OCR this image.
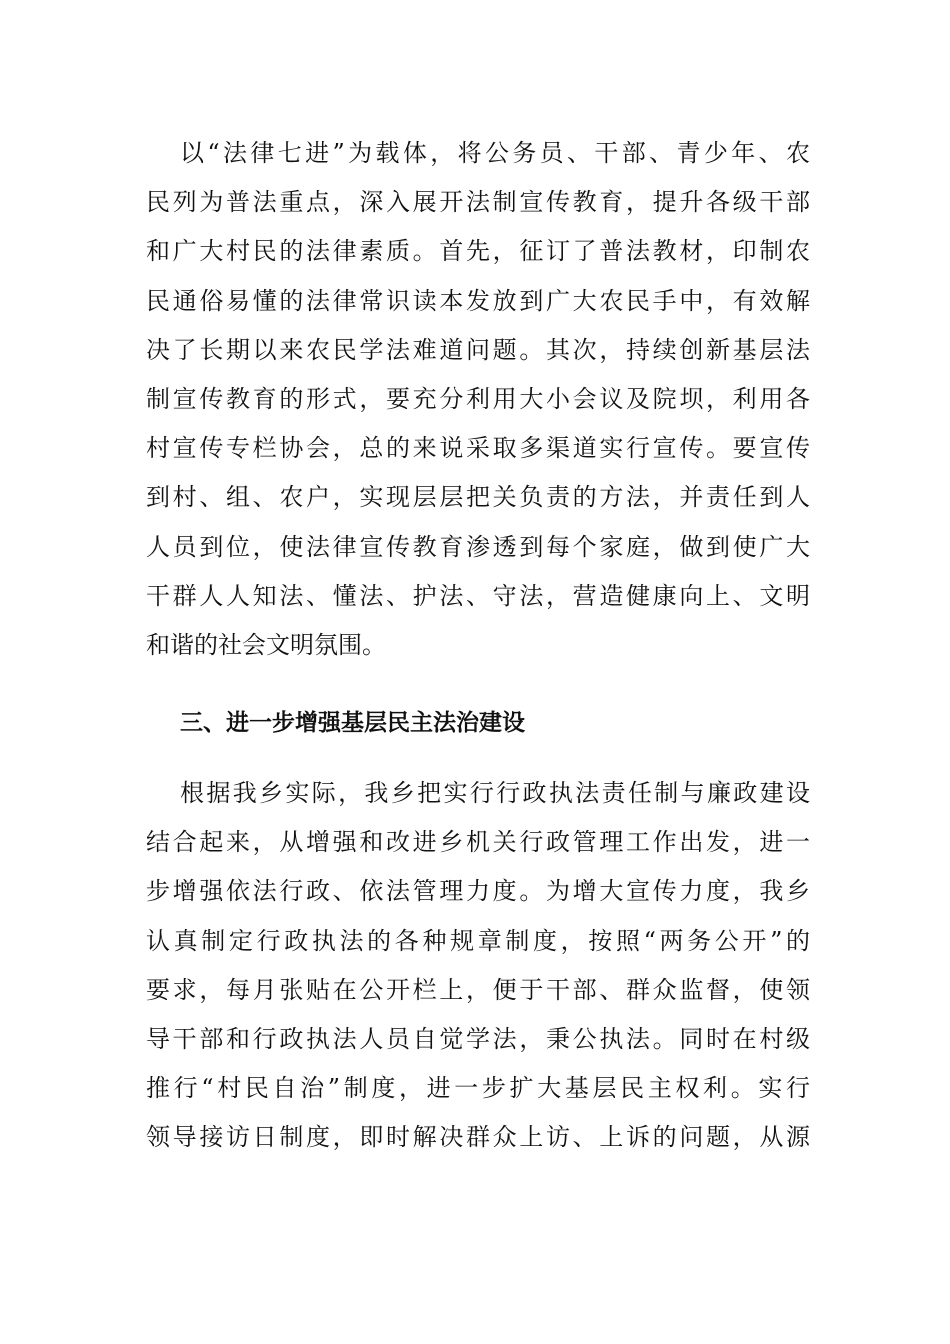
以“法律七进”为载体，将公务员、干部、青少年、农
民列为普法重点，深入展开法制宣传教育，提升各级干部
和广大村民的法律素质。首先，征订了普法教材，印制农
民通俗易懂的法律常识读本发放到广大农民手中，有效解
决了长期以来农民学法难道问题。其次，持续创新基层法
制宣传教育的形式，要充分利用大小会议及院坝，利用各
村宣传专栏协会，总的来说采取多渠道实行宣传。要宣传
到村、组、农户，实现层层把关负责的方法，并责任到人
人员到位，使法律宣传教育渗透到每个家庭，做到使广大
干群人人知法、懂法、护法、守法，营造健康向上、文明
和谐的社会文明氛围。
三、进一步增强基层民主法治建设
根据我乡实际，我乡把实行行政执法责任制与廉政建设
结合起来，从增强和改进乡机关行政管理工作出发，进一
步增强依法行政、依法管理力度。为增大宣传力度，我乡
认真制定行政执法的各种规章制度，按照“两务公开”的
要求，每月张贴在公开栏上，便于干部、群众监督，使领
导干部和行政执法人员自觉学法，秉公执法。同时在村级
推行“村民自治”制度，进一步扩大基层民主权利。实行
领导接访日制度，即时解决群众上访、上诉的问题，从源
